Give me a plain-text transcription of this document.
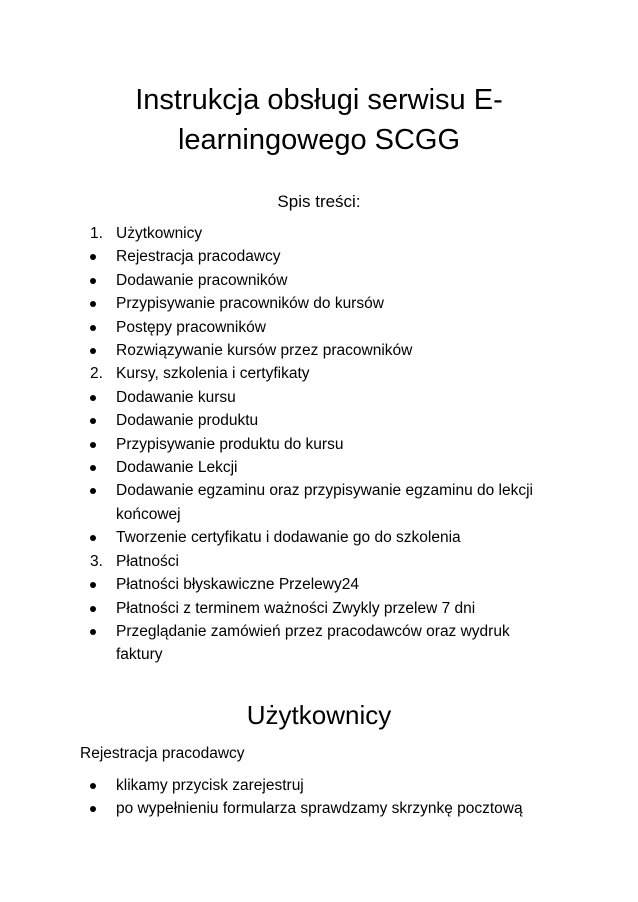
Instrukcja obsługi serwisu E-
learningowego SCGG
Spis treści:
1. Użytkownicy
Rejestracja pracodawcy
Dodawanie pracowników
Przypisywanie pracowników do kursów
Postępy pracowników
Rozwiązywanie kursów przez pracowników
2. Kursy, szkolenia i certyfikaty
Dodawanie kursu
Dodawanie produktu
Przypisywanie produktu do kursu
Dodawanie Lekcji
Dodawanie egzaminu oraz przypisywanie egzaminu do lekcji końcowej
Tworzenie certyfikatu i dodawanie go do szkolenia
3. Płatności
Płatności błyskawiczne Przelewy24
Płatności z terminem ważności Zwykly przelew 7 dni
Przeglądanie zamówień przez pracodawców oraz wydruk faktury
Użytkownicy
Rejestracja pracodawcy
klikamy przycisk zarejestruj
po wypełnieniu formularza sprawdzamy skrzynkę pocztową
